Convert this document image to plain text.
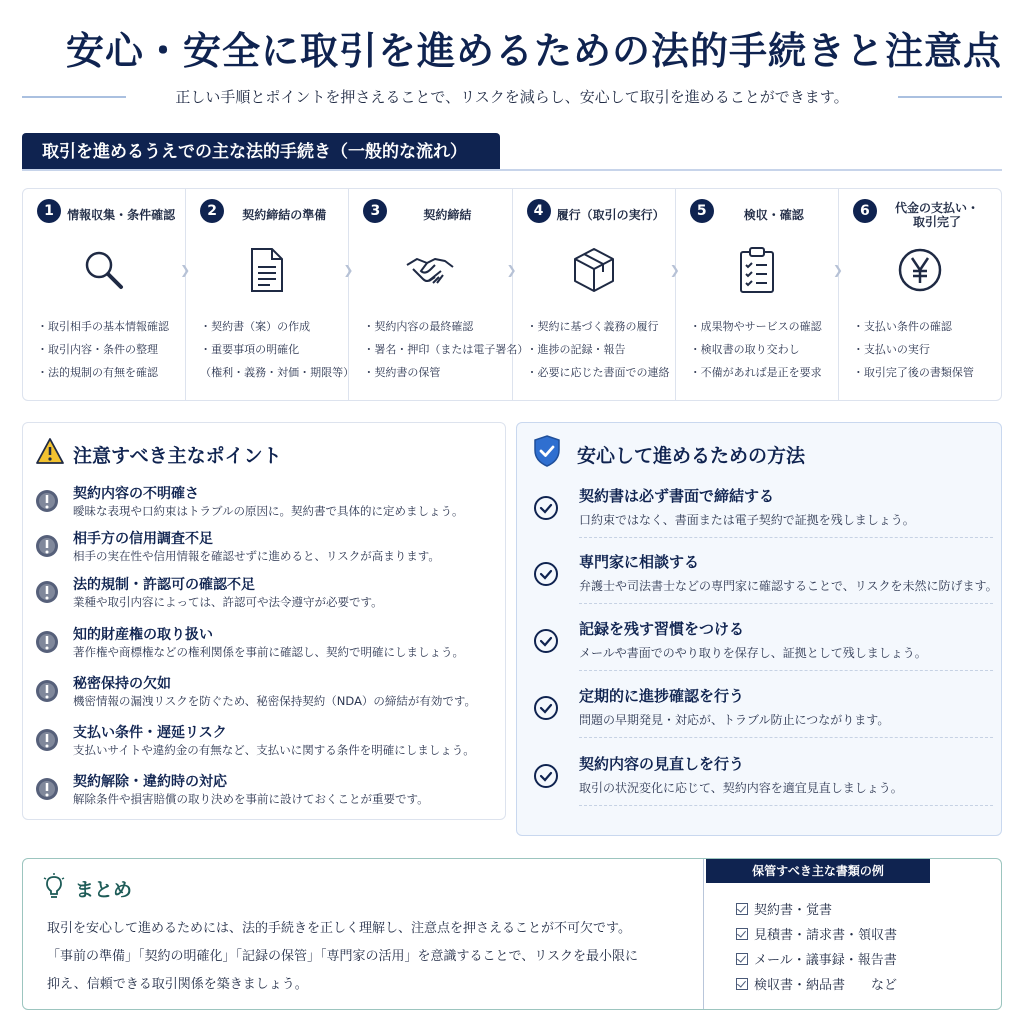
安心・安全に取引を進めるための法的手続きと注意点
正しい手順とポイントを押さえることで、リスクを減らし、安心して取引を進めることができます。
取引を進めるうえでの主な法的手続き（一般的な流れ）
1	情報収集・条件確認
・取引相手の基本情報確認
・取引内容・条件の整理
・法的規制の有無を確認
❯
2	契約締結の準備
・契約書（案）の作成
・重要事項の明確化
（権利・義務・対価・期限等）
❯
3	契約締結
・契約内容の最終確認
・署名・押印（または電子署名）
・契約書の保管
❯
4	履行（取引の実行）
・契約に基づく義務の履行
・進捗の記録・報告
・必要に応じた書面での連絡
❯
5	検収・確認
・成果物やサービスの確認
・検収書の取り交わし
・不備があれば是正を要求
❯
6	代金の支払い・
取引完了
・支払い条件の確認
・支払いの実行
・取引完了後の書類保管
注意すべき主なポイント
契約内容の不明確さ
曖昧な表現や口約束はトラブルの原因に。契約書で具体的に定めましょう。
相手方の信用調査不足
相手の実在性や信用情報を確認せずに進めると、リスクが高まります。
法的規制・許認可の確認不足
業種や取引内容によっては、許認可や法令遵守が必要です。
知的財産権の取り扱い
著作権や商標権などの権利関係を事前に確認し、契約で明確にしましょう。
秘密保持の欠如
機密情報の漏洩リスクを防ぐため、秘密保持契約（NDA）の締結が有効です。
支払い条件・遅延リスク
支払いサイトや違約金の有無など、支払いに関する条件を明確にしましょう。
契約解除・違約時の対応
解除条件や損害賠償の取り決めを事前に設けておくことが重要です。
安心して進めるための方法
契約書は必ず書面で締結する
口約束ではなく、書面または電子契約で証拠を残しましょう。
専門家に相談する
弁護士や司法書士などの専門家に確認することで、リスクを未然に防げます。
記録を残す習慣をつける
メールや書面でのやり取りを保存し、証拠として残しましょう。
定期的に進捗確認を行う
問題の早期発見・対応が、トラブル防止につながります。
契約内容の見直しを行う
取引の状況変化に応じて、契約内容を適宜見直しましょう。
まとめ
取引を安心して進めるためには、法的手続きを正しく理解し、注意点を押さえることが不可欠です。
「事前の準備」「契約の明確化」「記録の保管」「専門家の活用」を意識することで、リスクを最小限に
抑え、信頼できる取引関係を築きましょう。
保管すべき主な書類の例
契約書・覚書
見積書・請求書・領収書
メール・議事録・報告書
検収書・納品書　　など
